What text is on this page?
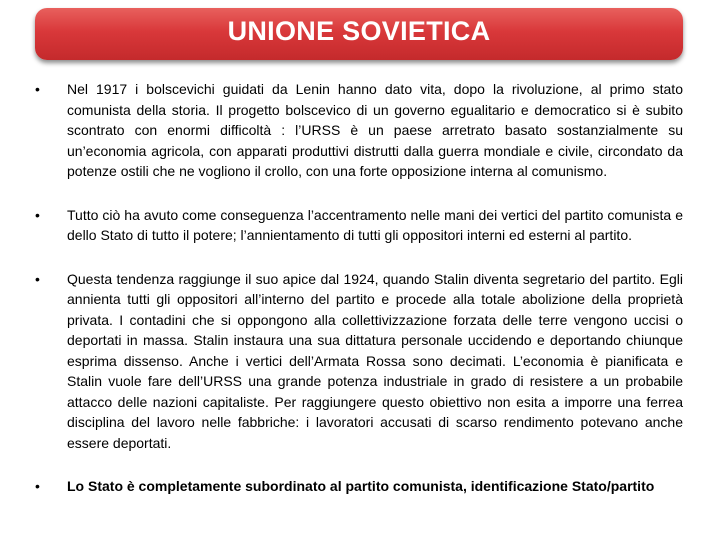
UNIONE SOVIETICA
• Nel 1917 i bolscevichi guidati da Lenin hanno dato vita, dopo la rivoluzione, al primo stato comunista della storia. Il progetto bolscevico di un governo egualitario e democratico si è subito scontrato con enormi difficoltà : l’URSS è un paese arretrato basato sostanzialmente su un’economia agricola, con apparati produttivi distrutti dalla guerra mondiale e civile, circondato da potenze ostili che ne vogliono il crollo, con una forte opposizione interna al comunismo.
• Tutto ciò ha avuto come conseguenza l’accentramento nelle mani dei vertici del partito comunista e dello Stato di tutto il potere; l’annientamento di tutti gli oppositori interni ed esterni al partito.
• Questa tendenza raggiunge il suo apice dal 1924, quando Stalin diventa segretario del partito. Egli annienta tutti gli oppositori all’interno del partito e procede alla totale abolizione della proprietà privata. I contadini che si oppongono alla collettivizzazione forzata delle terre vengono uccisi o deportati in massa. Stalin instaura una sua dittatura personale uccidendo e deportando chiunque esprima dissenso. Anche i vertici dell’Armata Rossa sono decimati. L’economia è pianificata e Stalin vuole fare dell’URSS una grande potenza industriale in grado di resistere a un probabile attacco delle nazioni capitaliste. Per raggiungere questo obiettivo non esita a imporre una ferrea disciplina del lavoro nelle fabbriche: i lavoratori accusati di scarso rendimento potevano anche essere deportati.
• Lo Stato è completamente subordinato al partito comunista, identificazione Stato/partito
